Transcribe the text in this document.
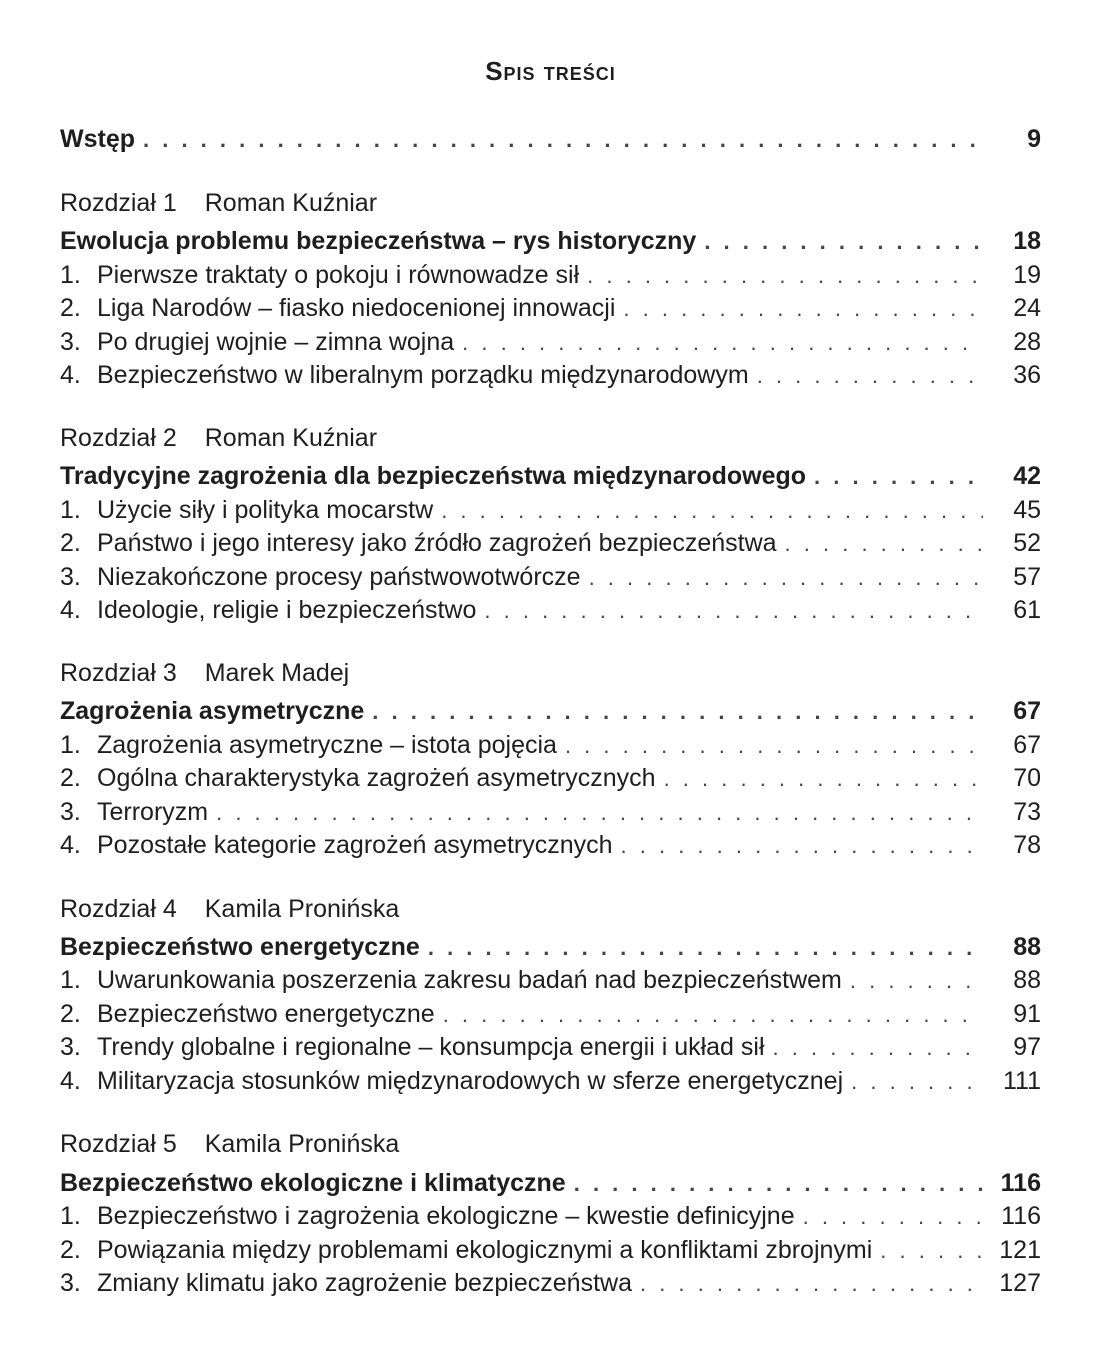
Spis treści
Wstęp . . .	9
Rozdział 1 Roman Kuźniar
Ewolucja problemu bezpieczeństwa – rys historyczny . . .	18
1. Pierwsze traktaty o pokoju i równowadze sił . . .	19
2. Liga Narodów – fiasko niedocenionej innowacji . . .	24
3. Po drugiej wojnie – zimna wojna . . .	28
4. Bezpieczeństwo w liberalnym porządku międzynarodowym . . .	36
Rozdział 2 Roman Kuźniar
Tradycyjne zagrożenia dla bezpieczeństwa międzynarodowego . . .	42
1. Użycie siły i polityka mocarstw . . .	45
2. Państwo i jego interesy jako źródło zagrożeń bezpieczeństwa . . .	52
3. Niezakończone procesy państwowotwórcze . . .	57
4. Ideologie, religie i bezpieczeństwo . . .	61
Rozdział 3 Marek Madej
Zagrożenia asymetryczne . . .	67
1. Zagrożenia asymetryczne – istota pojęcia . . .	67
2. Ogólna charakterystyka zagrożeń asymetrycznych . . .	70
3. Terroryzm . . .	73
4. Pozostałe kategorie zagrożeń asymetrycznych . . .	78
Rozdział 4 Kamila Pronińska
Bezpieczeństwo energetyczne . . .	88
1. Uwarunkowania poszerzenia zakresu badań nad bezpieczeństwem . . .	88
2. Bezpieczeństwo energetyczne . . .	91
3. Trendy globalne i regionalne – konsumpcja energii i układ sił . . .	97
4. Militaryzacja stosunków międzynarodowych w sferze energetycznej . . .	111
Rozdział 5 Kamila Pronińska
Bezpieczeństwo ekologiczne i klimatyczne . . .	116
1. Bezpieczeństwo i zagrożenia ekologiczne – kwestie definicyjne . . .	116
2. Powiązania między problemami ekologicznymi a konfliktami zbrojnymi . . .	121
3. Zmiany klimatu jako zagrożenie bezpieczeństwa . . .	127
